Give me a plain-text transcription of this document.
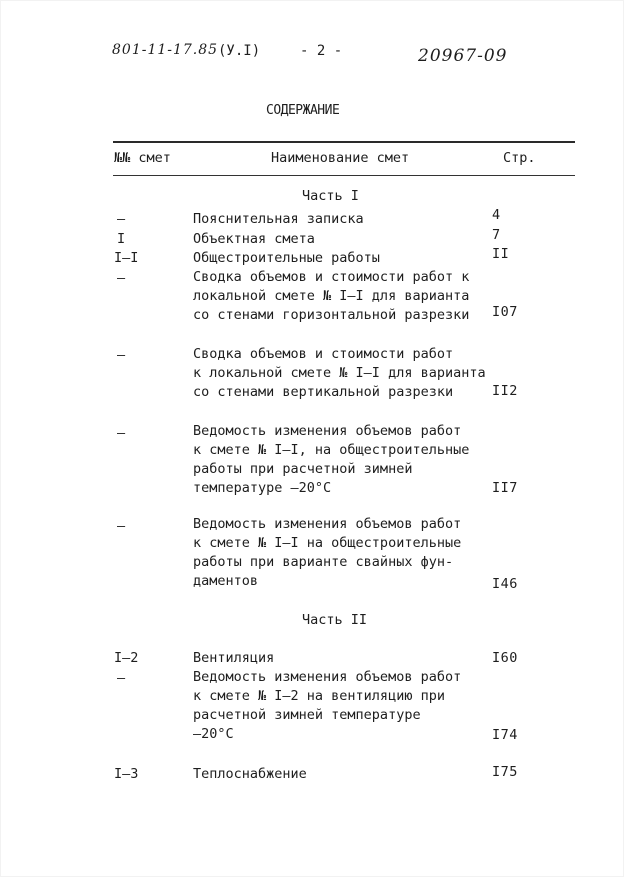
801-11-17.85 (У.I)	- 2 -	20967-09
СОДЕРЖАНИЕ
№№ смет	Наименование смет	Стр.
Часть I
–	Пояснительная записка	4
I	Объектная смета	7
I–I	Общестроительные работы	II
–	Сводка объемов и стоимости работ к
локальной смете № I–I для варианта
со стенами горизонтальной разрезки I07
–	Сводка объемов и стоимости работ
к локальной смете № I–I для варианта
со стенами вертикальной разрезки	II2
–	Ведомость изменения объемов работ
к смете № I–I, на общестроительные
работы при расчетной зимней
температуре –20°С	II7
–	Ведомость изменения объемов работ
к смете № I–I на общестроительные
работы при варианте свайных фун-
даментов	I46
Часть II
I–2	Вентиляция	I60
–	Ведомость изменения объемов работ
к смете № I–2 на вентиляцию при
расчетной зимней температуре
–20°С	I74
I–3	Теплоснабжение	I75
